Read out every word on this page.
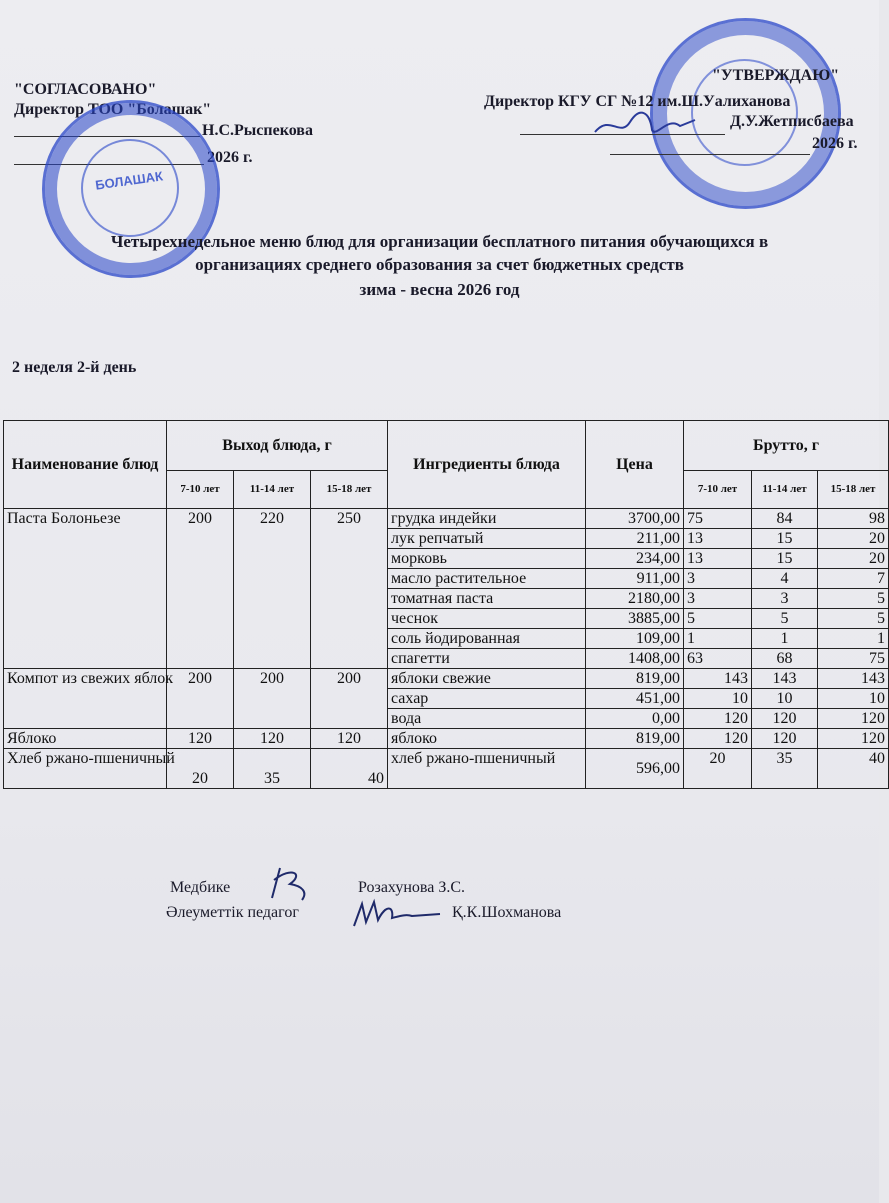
"СОГЛАСОВАНО"
Директор ТОО "Болашак"
Н.С.Рыспекова
2026 г.
БОЛАШАК
"УТВЕРЖДАЮ"
Директор КГУ СГ №12 им.Ш.Уалиханова
Д.У.Жетписбаева
2026 г.
Четырехнедельное меню блюд для организации бесплатного питания обучающихся в
организациях среднего образования за счет бюджетных средств
зима - весна 2026 год
2 неделя 2-й день
Наименование блюд	Выход блюда, г			Ингредиенты блюда	Цена	Брутто, г		
	7-10 лет	11-14 лет	15-18 лет			7-10 лет	11-14 лет	15-18 лет
Паста Болоньезе	200	220	250	грудка индейки	3700,00	75	84	98
				лук репчатый	211,00	13	15	20
				морковь	234,00	13	15	20
				масло растительное	911,00	3	4	7
				томатная паста	2180,00	3	3	5
				чеснок	3885,00	5	5	5
				соль йодированная	109,00	1	1	1
				спагетти	1408,00	63	68	75
Компот из свежих яблок	200	200	200	яблоки свежие	819,00	143	143	143
				сахар	451,00	10	10	10
				вода	0,00	120	120	120
Яблоко	120	120	120	яблоко	819,00	120	120	120
Хлеб ржано-пшеничный	20	35	40	хлеб ржано-пшеничный	596,00	20	35	40
Медбике	Розахунова З.С.
Әлеуметтік педагог	Қ.К.Шохманова
